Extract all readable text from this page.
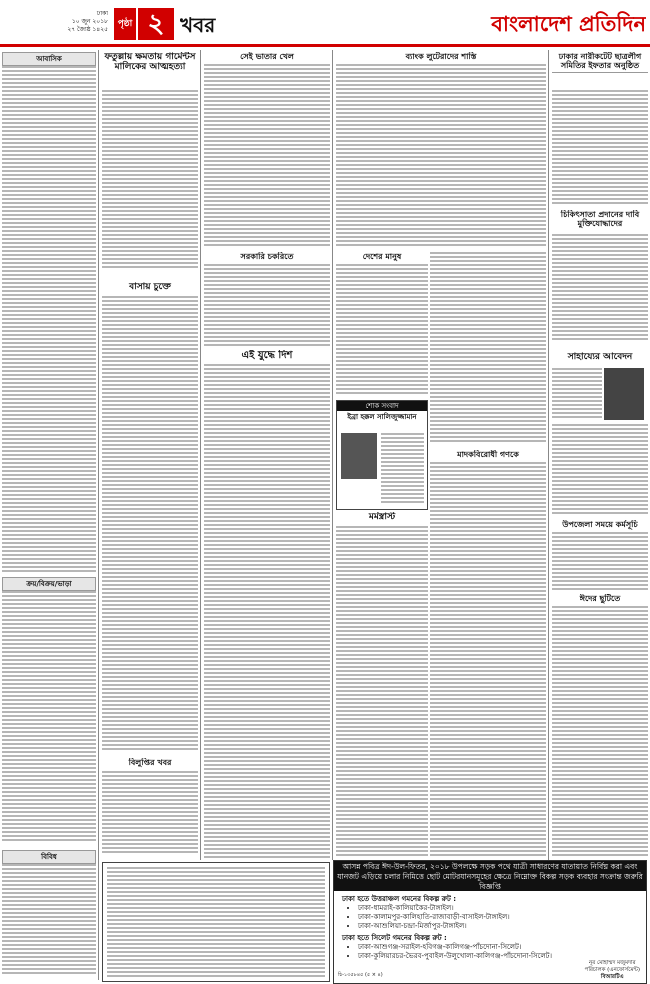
ঢাকা
১০ জুন ২০১৮
২৭ জ্যৈষ্ঠ ১৪২৫
পৃষ্ঠা ২ খবর	বাংলাদেশ প্রতিদিন
আবাসিক
ক্রয়/বিক্রয়/ভাড়া
বিবিধ
ফতুল্লায় ক্ষমতায় গার্মেন্টস মালিকের আত্মহত্যা
বাসায় চুক্তে
বিলুপ্তির খবর
সেই ভাতার খেল
সরকারি চকরিতে
এই যুদ্ধে দিশ
ব্যাংক লুটেরাদের শাস্তি
দেশের মানুষ
শোক সংবাদ
ইব্রা হক্কল সালিজুজ্জামান
মর্মস্ব্রাস্ট
মাদকবিরোধী গণকে
ঢাকার নারীকটেট ছাত্রলীগ সমিতির ইফতার অনুষ্ঠিত
চিকিৎসাতা প্রদানের দাবি মুক্তিযোদ্ধাদের
সাহায্যের আবেদন
উপজেলা সময়ে কর্মসূচি
ঈদের ছুটিতে
আসন্ন পবিত্র ঈদ-উল-ফিতর, ২০১৮ উপলক্ষে সড়ক পথে যাত্রী সাধারণের যাতায়াত নির্বিঘ্ন করা এবং যানজট এড়িয়ে চলার নিমিত্তে ছোট মোটরযানসমূহের ক্ষেত্রে নিম্নোক্ত বিকল্প সড়ক ব্যবহার সংক্রান্ত জরুরি বিজ্ঞপ্তি
ঢাকা হতে উত্তরাঞ্চল গমনের বিকল্প রুট :
• ঢাকা-ধামরাই-কালিয়াকৈর-টাঙ্গাইল।
• ঢাকা-কালামপুর-কালিহাতি-রাজাবাড়ী-বাসাইল-টাঙ্গাইল।
• ঢাকা-আশুলিয়া-চন্দ্রা-মির্জাপুর-টাঙ্গাইল।
ঢাকা হতে সিলেট গমনের বিকল্প রুট :
• ঢাকা-আশুগঞ্জ-সরাইল-হবিগঞ্জ-কালিগঞ্জ-পাঁচদোনা-সিলেট।
• ঢাকা-কুলিয়ারচর-ভৈরব-পুবাইল-উলুখোলা-কালিগঞ্জ-পাঁচদোনা-সিলেট।
চি-১৩৫৮৪৫ (৫ × ৪)
নূর মোহাম্মদ মজুমদার
পরিচালক (এনফোর্সমেন্ট)
বিআরটিএ
